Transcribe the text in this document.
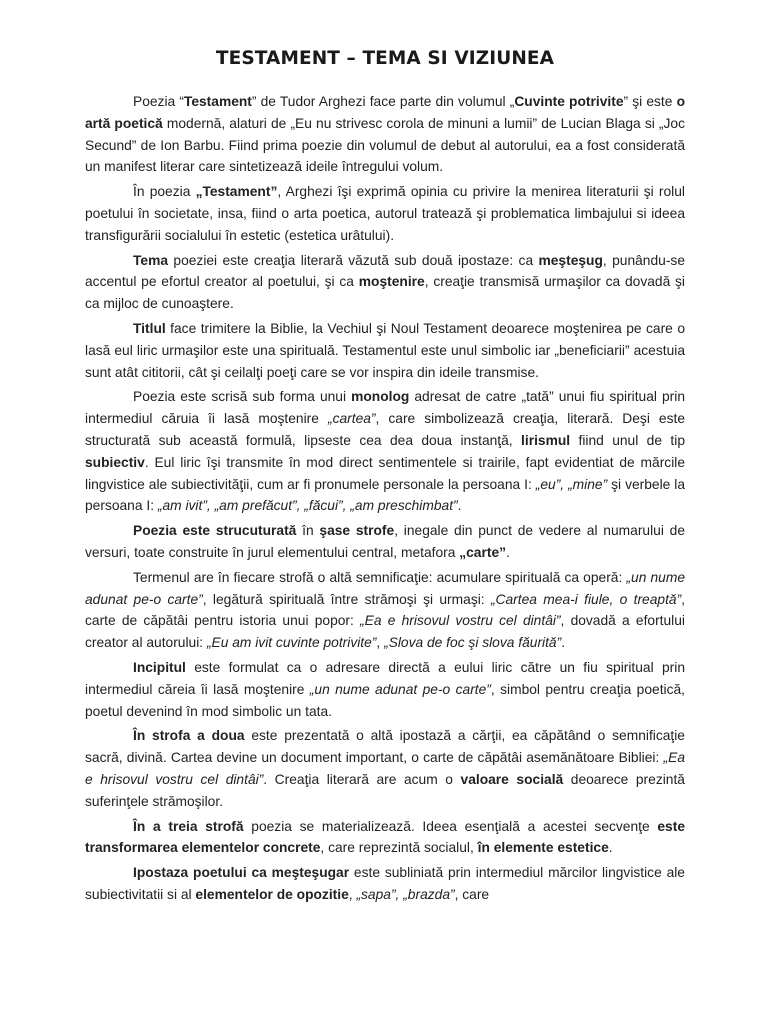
TESTAMENT – TEMA SI VIZIUNEA

Poezia “Testament” de Tudor Arghezi face parte din volumul „Cuvinte potrivite” şi este o artă poetică modernă, alaturi de „Eu nu strivesc corola de minuni a lumii” de Lucian Blaga si „Joc Secund” de Ion Barbu. Fiind prima poezie din volumul de debut al autorului, ea a fost considerată un manifest literar care sintetizează ideile întregului volum.

În poezia „Testament”, Arghezi îşi exprimă opinia cu privire la menirea literaturii şi rolul poetului în societate, insa, fiind o arta poetica, autorul tratează şi problematica limbajului si ideea transfigurării socialului în estetic (estetica urâtului).

Tema poeziei este creaţia literară văzută sub două ipostaze: ca meşteşug, punându-se accentul pe efortul creator al poetului, şi ca moştenire, creaţie transmisă urmaşilor ca dovadă şi ca mijloc de cunoaştere.

Titlul face trimitere la Biblie, la Vechiul şi Noul Testament deoarece moştenirea pe care o lasă eul liric urmaşilor este una spirituală. Testamentul este unul simbolic iar „beneficiarii” acestuia sunt atât cititorii, cât şi ceilalţi poeţi care se vor inspira din ideile transmise.

Poezia este scrisă sub forma unui monolog adresat de catre „tată” unui fiu spiritual prin intermediul căruia îi lasă moştenire „cartea”, care simbolizează creaţia, literară. Deşi este structurată sub această formulă, lipseste cea dea doua instanţă, lirismul fiind unul de tip subiectiv. Eul liric îşi transmite în mod direct sentimentele si trairile, fapt evidentiat de mărcile lingvistice ale subiectivităţii, cum ar fi pronumele personale la persoana I: „eu”, „mine” şi verbele la persoana I: „am ivit”, „am prefăcut”, „făcui”, „am preschimbat”.

Poezia este strucuturată în şase strofe, inegale din punct de vedere al numarului de versuri, toate construite în jurul elementului central, metafora „carte”.

Termenul are în fiecare strofă o altă semnificaţie: acumulare spirituală ca operă: „un nume adunat pe-o carte”, legătură spirituală între strămoşi şi urmaşi: „Cartea mea-i fiule, o treaptă”, carte de căpătâi pentru istoria unui popor: „Ea e hrisovul vostru cel dintâi”, dovadă a efortului creator al autorului: „Eu am ivit cuvinte potrivite”, „Slova de foc şi slova făurită”.

Incipitul este formulat ca o adresare directă a eului liric către un fiu spiritual prin intermediul căreia îi lasă moştenire „un nume adunat pe-o carte”, simbol pentru creaţia poetică, poetul devenind în mod simbolic un tata.

În strofa a doua este prezentată o altă ipostază a cărţii, ea căpătând o semnificaţie sacră, divină. Cartea devine un document important, o carte de căpătâi asemănătoare Bibliei: „Ea e hrisovul vostru cel dintâi”. Creaţia literară are acum o valoare socială deoarece prezintă suferinţele strămoşilor.

În a treia strofă poezia se materializează. Ideea esenţială a acestei secvenţe este transformarea elementelor concrete, care reprezintă socialul, în elemente estetice.

Ipostaza poetului ca meşteşugar este subliniată prin intermediul mărcilor lingvistice ale subiectivitatii si al elementelor de opozitie, „sapa”, „brazda”, care
